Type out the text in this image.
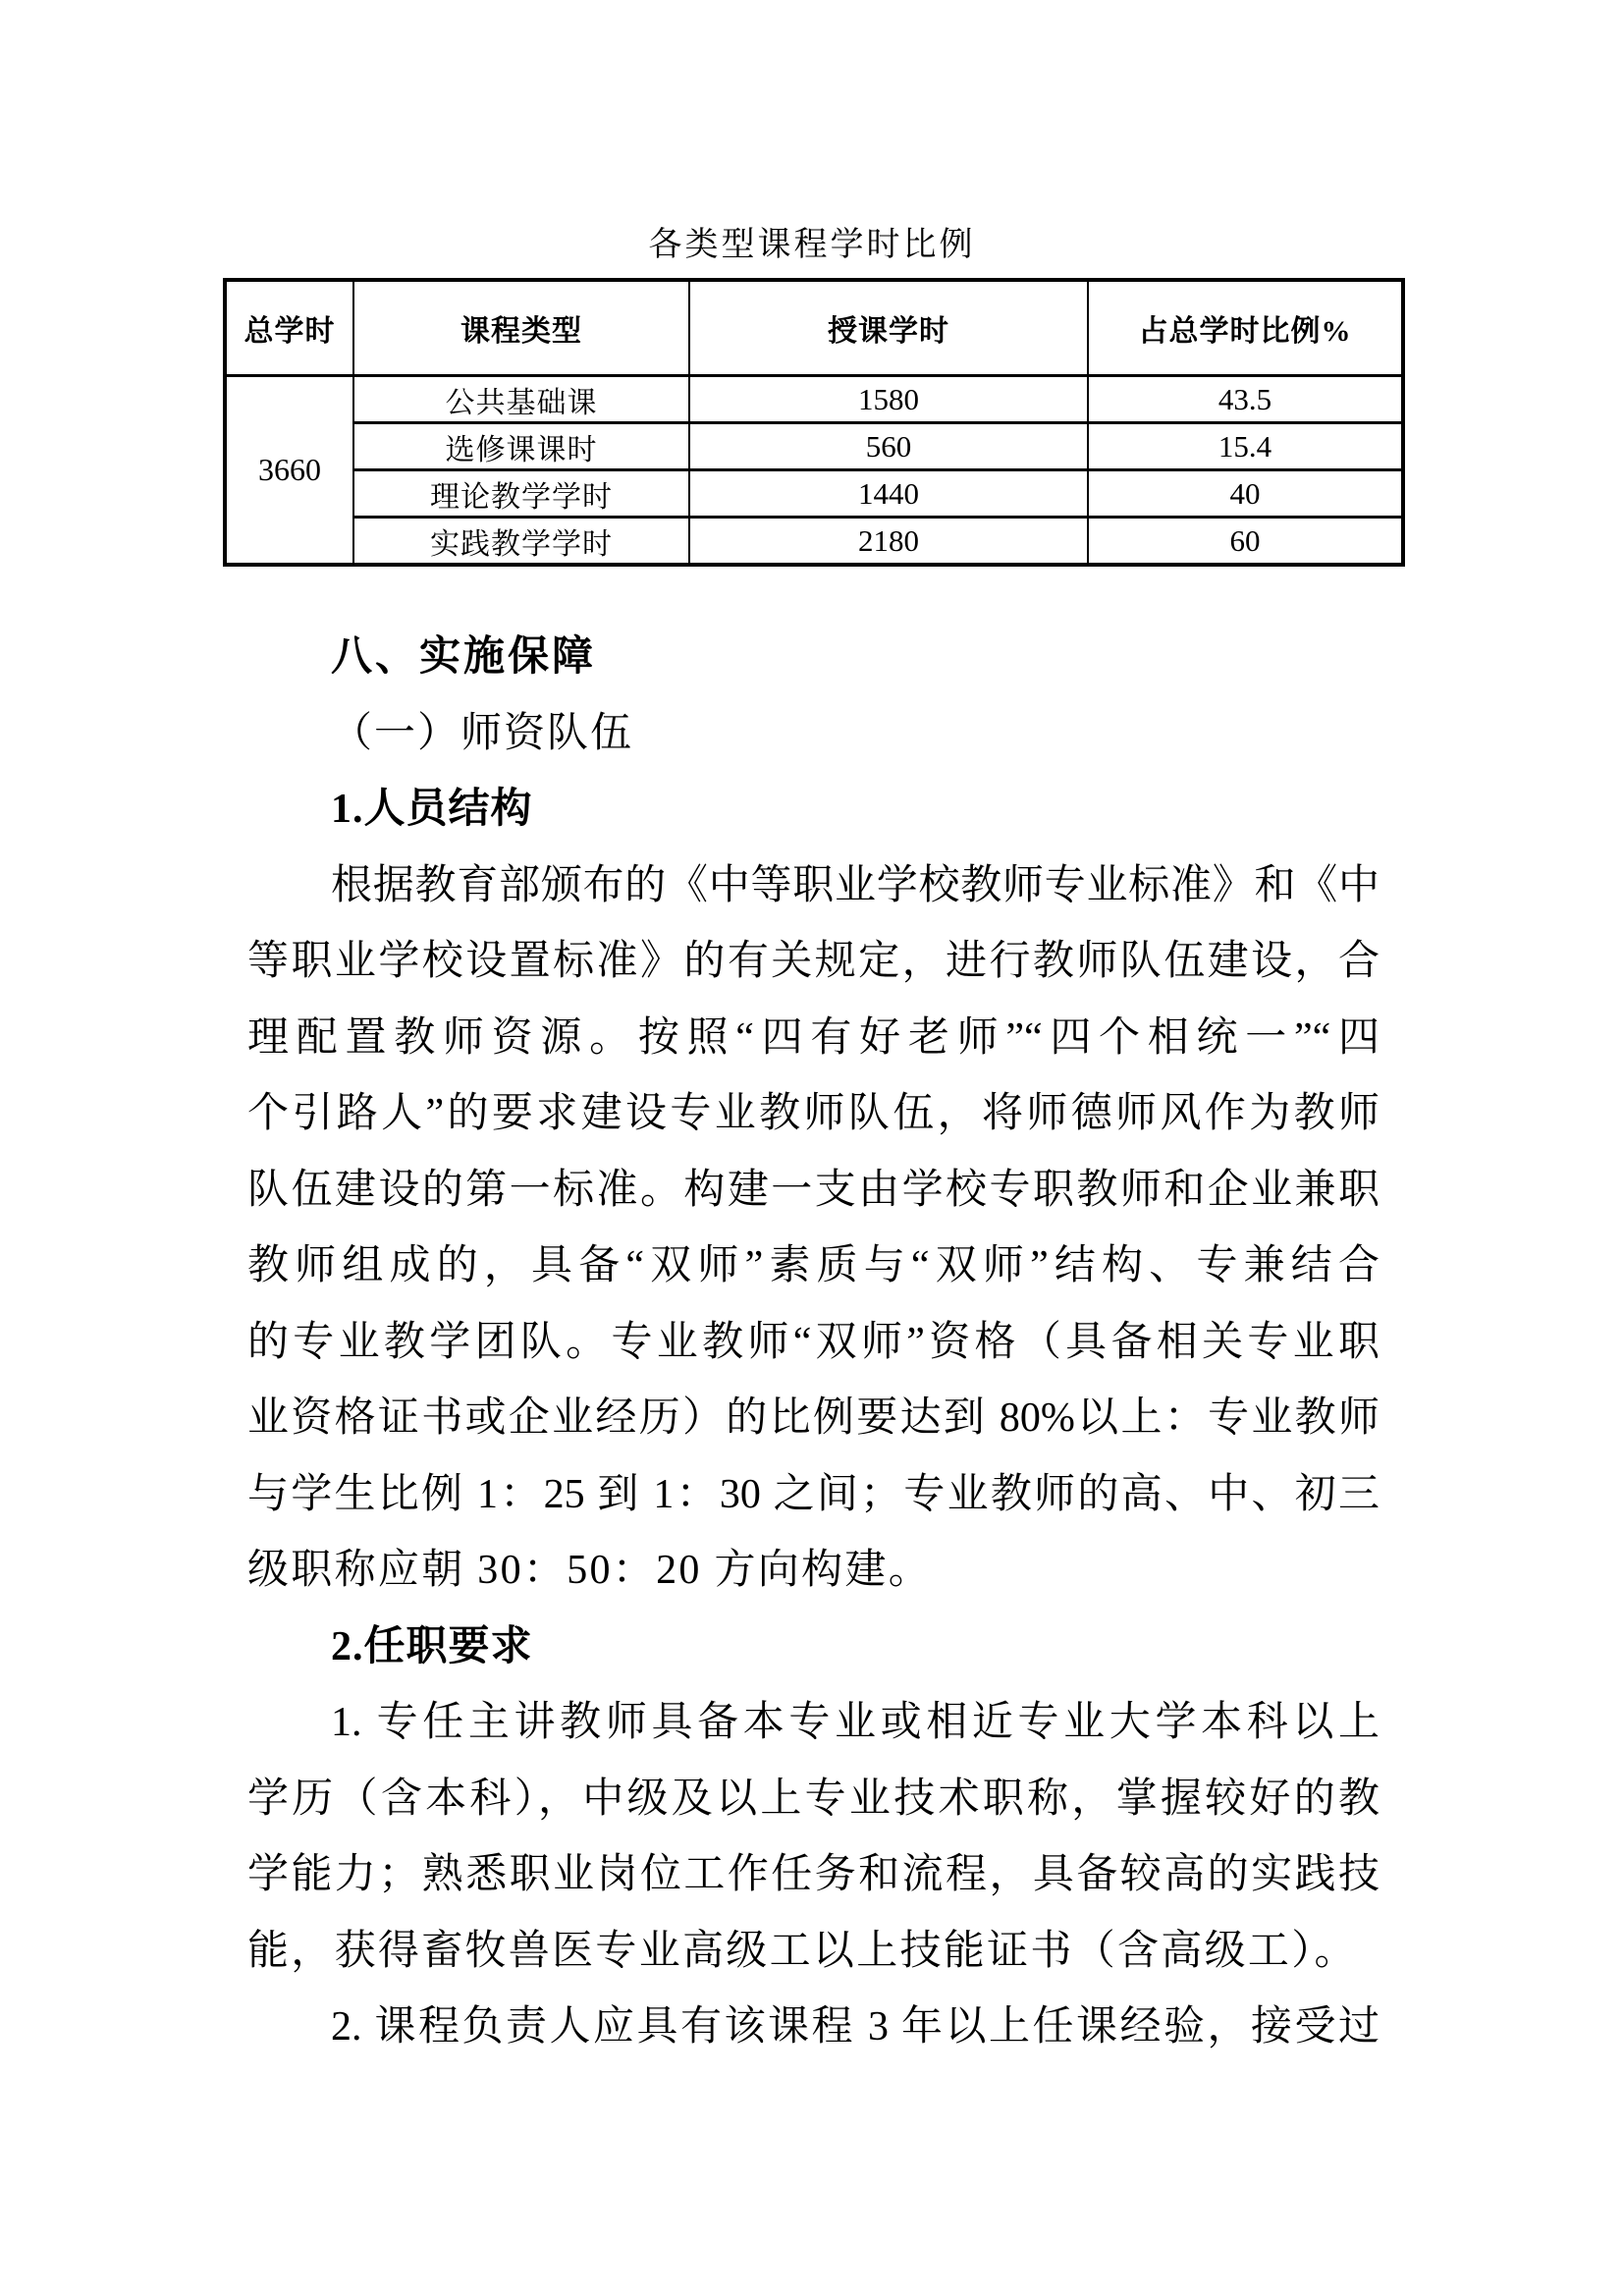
各类型课程学时比例
总学时	课程类型	授课学时	占总学时比例%
3660	公共基础课	1580	43.5
	选修课课时	560	15.4
	理论教学学时	1440	40
	实践教学学时	2180	60
八、实施保障
（一）师资队伍
1.人员结构
根据教育部颁布的《中等职业学校教师专业标准》和《中
等职业学校设置标准》的有关规定，进行教师队伍建设，合
理配置教师资源。按照“四有好老师”“四个相统一”“四
个引路人”的要求建设专业教师队伍，将师德师风作为教师
队伍建设的第一标准。构建一支由学校专职教师和企业兼职
教师组成的，具备“双师”素质与“双师”结构、专兼结合
的专业教学团队。专业教师“双师”资格（具备相关专业职
业资格证书或企业经历）的比例要达到 80%以上：专业教师
与学生比例 1：25 到 1：30 之间；专业教师的高、中、初三
级职称应朝 30：50：20 方向构建。
2.任职要求
1. 专任主讲教师具备本专业或相近专业大学本科以上
学历（含本科），中级及以上专业技术职称，掌握较好的教
学能力；熟悉职业岗位工作任务和流程，具备较高的实践技
能，获得畜牧兽医专业高级工以上技能证书（含高级工）。
2. 课程负责人应具有该课程 3 年以上任课经验，接受过
